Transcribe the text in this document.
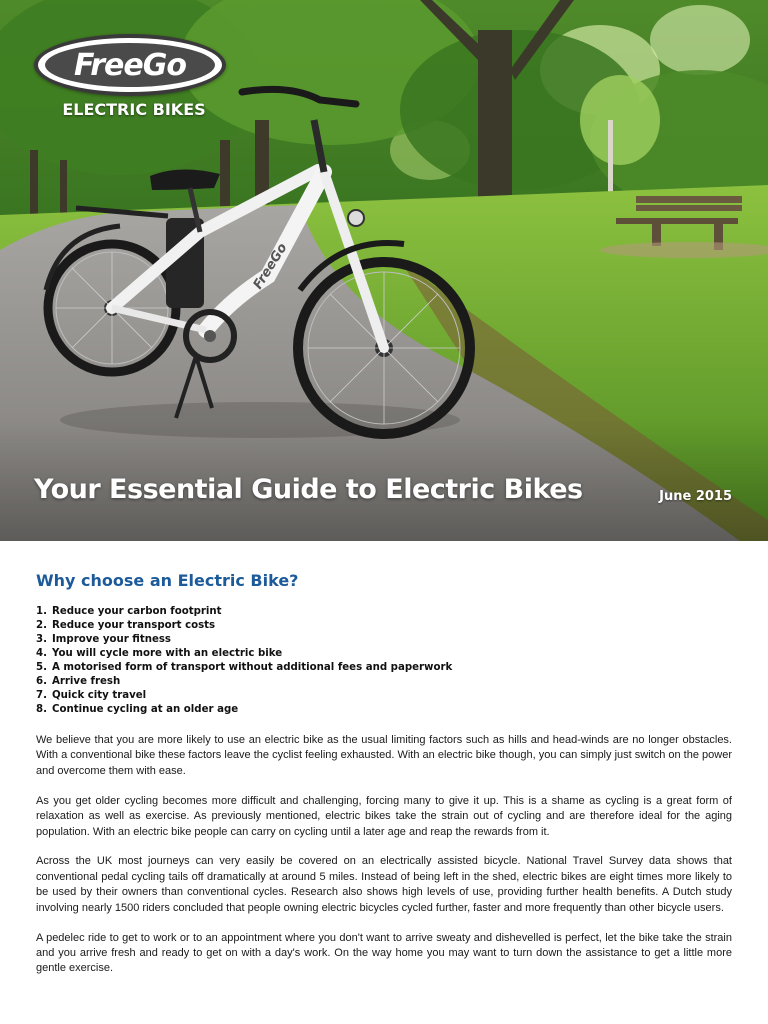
FreeGo
FreeGo
ELECTRIC BIKES
Your Essential Guide to Electric Bikes	June 2015
Why choose an Electric Bike?
1. Reduce your carbon footprint
2. Reduce your transport costs
3. Improve your fitness
4. You will cycle more with an electric bike
5. A motorised form of transport without additional fees and paperwork
6. Arrive fresh
7. Quick city travel
8. Continue cycling at an older age

We believe that you are more likely to use an electric bike as the usual limiting factors such as hills and head-winds are no longer obstacles. With a conventional bike these factors leave the cyclist feeling exhausted. With an electric bike though, you can simply just switch on the power and overcome them with ease.

As you get older cycling becomes more difficult and challenging, forcing many to give it up. This is a shame as cycling is a great form of relaxation as well as exercise. As previously mentioned, electric bikes take the strain out of cycling and are therefore ideal for the aging population. With an electric bike people can carry on cycling until a later age and reap the rewards from it.

Across the UK most journeys can very easily be covered on an electrically assisted bicycle. National Travel Survey data shows that conventional pedal cycling tails off dramatically at around 5 miles. Instead of being left in the shed, electric bikes are eight times more likely to be used by their owners than conventional cycles. Research also shows high levels of use, providing further health benefits. A Dutch study involving nearly 1500 riders concluded that people owning electric bicycles cycled further, faster and more frequently than other bicycle users.

A pedelec ride to get to work or to an appointment where you don't want to arrive sweaty and dishevelled is perfect, let the bike take the strain and you arrive fresh and ready to get on with a day's work. On the way home you may want to turn down the assistance to get a little more gentle exercise.
